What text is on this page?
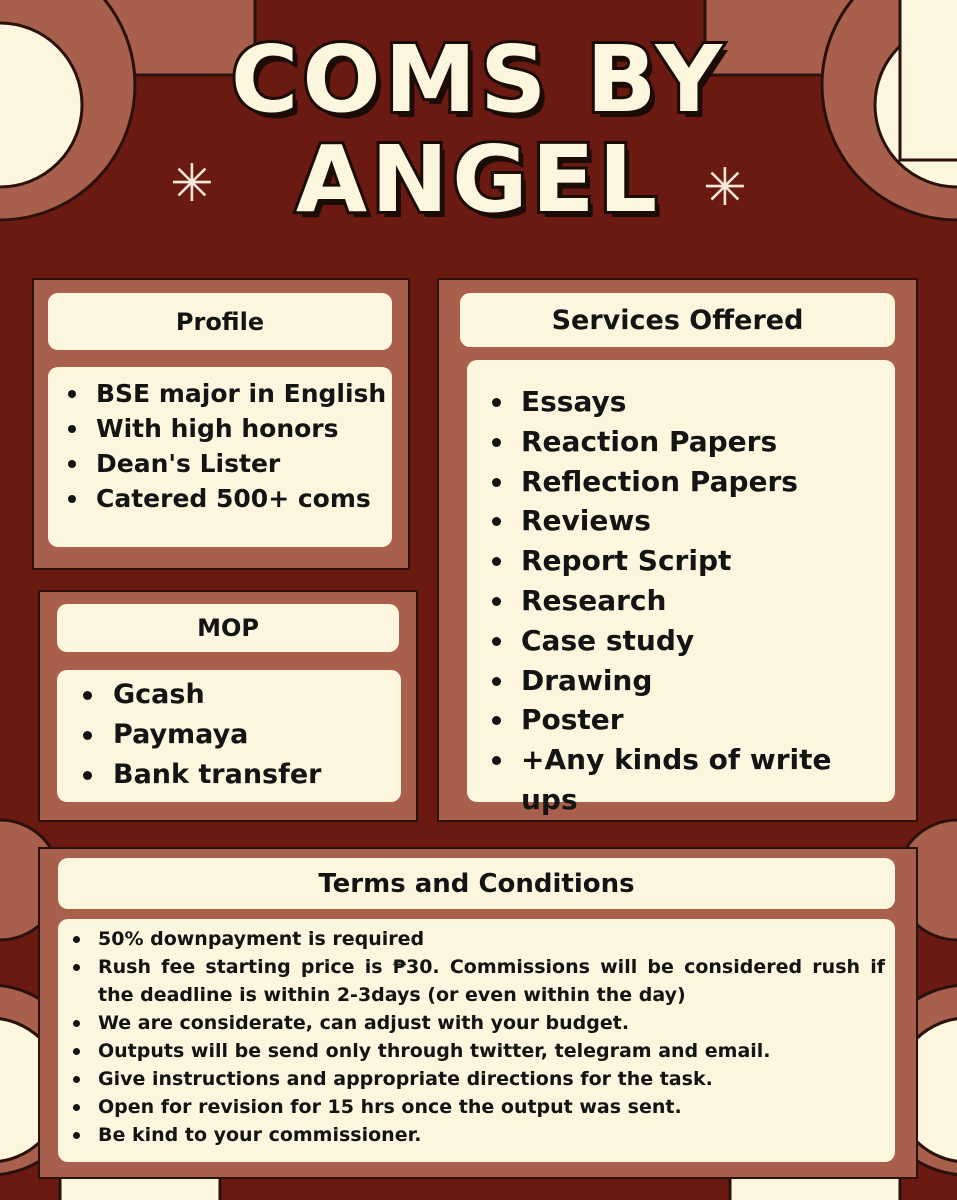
COMS BY
ANGEL
✳	✳
Profile
BSE major in English
With high honors
Dean's Lister
Catered 500+ coms
MOP
Gcash
Paymaya
Bank transfer
Services Offered
Essays
Reaction Papers
Reflection Papers
Reviews
Report Script
Research
Case study
Drawing
Poster
+Any kinds of write ups
Terms and Conditions
50% downpayment is required
Rush fee starting price is ₱30. Commissions will be considered rush if the deadline is within 2-3days (or even within the day)
We are considerate, can adjust with your budget.
Outputs will be send only through twitter, telegram and email.
Give instructions and appropriate directions for the task.
Open for revision for 15 hrs once the output was sent.
Be kind to your commissioner.
